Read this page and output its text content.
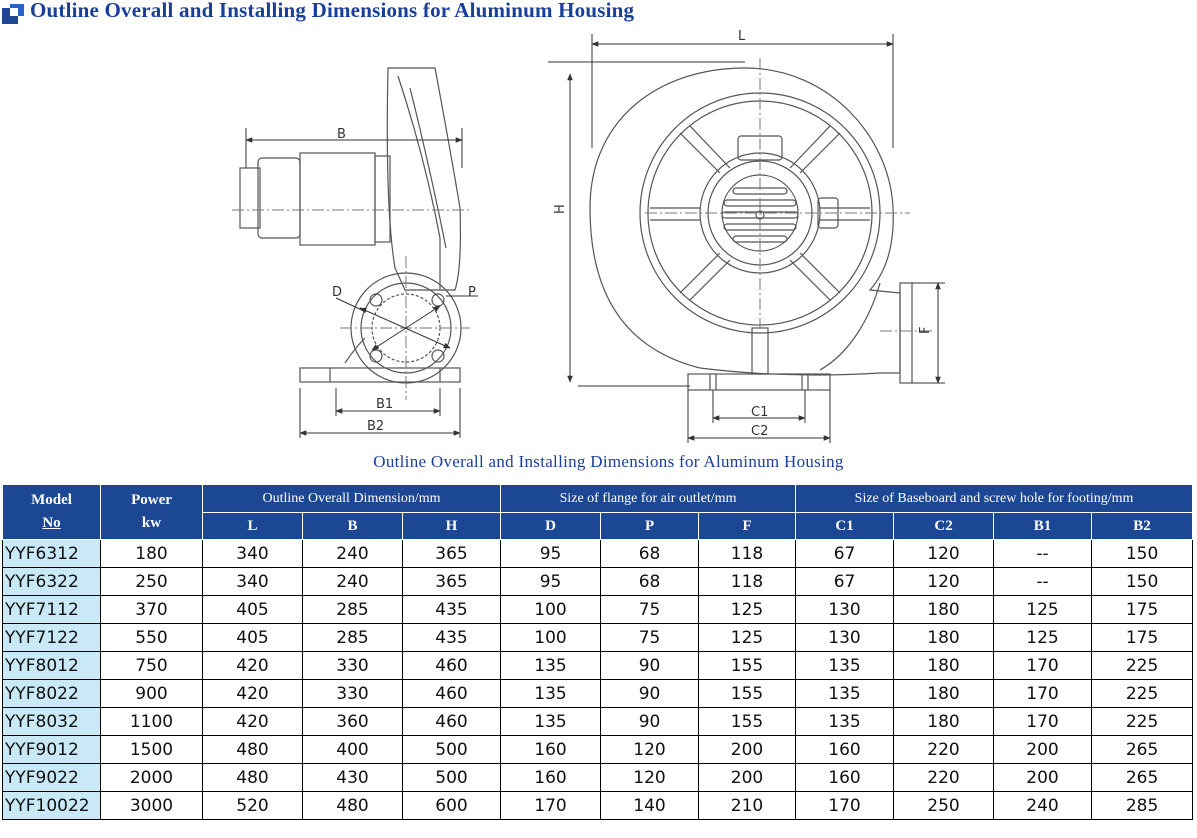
Outline Overall and Installing Dimensions for Aluminum Housing
B
D	P
B1
B2
L
H
F
C1
C2
Outline Overall and Installing Dimensions for Aluminum Housing
Model
No	Power
kw	Outline Overall Dimension/mm			Size of flange for air outlet/mm			Size of Baseboard and screw hole for footing/mm			
		L	B	H	D	P	F	C1	C2	B1	B2
YYF6312	180	340	240	365	95	68	118	67	120	--	150
YYF6322	250	340	240	365	95	68	118	67	120	--	150
YYF7112	370	405	285	435	100	75	125	130	180	125	175
YYF7122	550	405	285	435	100	75	125	130	180	125	175
YYF8012	750	420	330	460	135	90	155	135	180	170	225
YYF8022	900	420	330	460	135	90	155	135	180	170	225
YYF8032	1100	420	360	460	135	90	155	135	180	170	225
YYF9012	1500	480	400	500	160	120	200	160	220	200	265
YYF9022	2000	480	430	500	160	120	200	160	220	200	265
YYF10022	3000	520	480	600	170	140	210	170	250	240	285
